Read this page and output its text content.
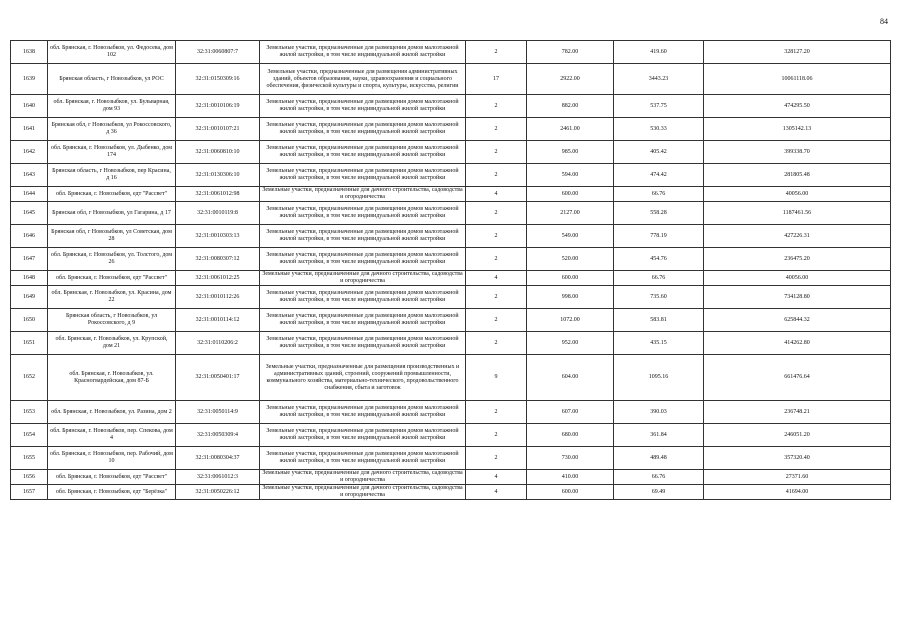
84
1638	обл. Брянская, г. Новозыбков, ул. Федосева, дом 102	32:31:0060807:7	Земельные участки, предназначенные для размещения домов малоэтажной жилой застройки, в том числе индивидуальной жилой застройки	2	782.00	419.60	328127.20
1639	Брянская область, г Новозыбков, ул РОС	32:31:0150309:16	Земельные участки, предназначенные для размещения административных зданий, объектов образования, науки, здравоохранения и социального обеспечения, физической культуры и спорта, культуры, искусства, религии	17	2922.00	3443.23	10061118.06
1640	обл. Брянская, г. Новозыбков, ул. Бульварная, дом 93	32:31:0010106:19	Земельные участки, предназначенные для размещения домов малоэтажной жилой застройки, в том числе индивидуальной жилой застройки	2	882.00	537.75	474295.50
1641	Брянская обл, г Новозыбков, ул Рокоссовского, д 36	32:31:0010107:21	Земельные участки, предназначенные для размещения домов малоэтажной жилой застройки, в том числе индивидуальной жилой застройки	2	2461.00	530.33	1305142.13
1642	обл. Брянская, г. Новозыбков, ул. Дыбенко, дом 174	32:31:0060810:10	Земельные участки, предназначенные для размещения домов малоэтажной жилой застройки, в том числе индивидуальной жилой застройки	2	985.00	405.42	399338.70
1643	Брянская область, г Новозыбков, пер Красина, д 16	32:31:0130306:10	Земельные участки, предназначенные для размещения домов малоэтажной жилой застройки, в том числе индивидуальной жилой застройки	2	594.00	474.42	281805.48
1644	обл. Брянская, г. Новозыбков, едт "Рассвет"	32:31:0061012:98	Земельные участки, предназначенные для дачного строительства, садоводства и огородничества	4	600.00	66.76	40056.00
1645	Брянская обл, г Новозыбков, ул Гагарина, д 17	32:31:0010119:8	Земельные участки, предназначенные для размещения домов малоэтажной жилой застройки, в том числе индивидуальной жилой застройки	2	2127.00	558.28	1187461.56
1646	Брянская обл, г Новозыбков, ул Советская, дом 28	32:31:0010303:13	Земельные участки, предназначенные для размещения домов малоэтажной жилой застройки, в том числе индивидуальной жилой застройки	2	549.00	778.19	427226.31
1647	обл. Брянская, г. Новозыбков, ул. Толстого, дом 26	32:31:0080307:12	Земельные участки, предназначенные для размещения домов малоэтажной жилой застройки, в том числе индивидуальной жилой застройки	2	520.00	454.76	236475.20
1648	обл. Брянская, г. Новозыбков, едт "Рассвет"	32:31:0061012:25	Земельные участки, предназначенные для дачного строительства, садоводства и огородничества	4	600.00	66.76	40056.00
1649	обл. Брянская, г. Новозыбков, ул. Красина, дом 22	32:31:0010112:26	Земельные участки, предназначенные для размещения домов малоэтажной жилой застройки, в том числе индивидуальной жилой застройки	2	998.00	735.60	734128.80
1650	Брянская область, г Новозыбков, ул Рокоссовского, д 9	32:31:0010114:12	Земельные участки, предназначенные для размещения домов малоэтажной жилой застройки, в том числе индивидуальной жилой застройки	2	1072.00	583.81	625844.32
1651	обл. Брянская, г. Новозыбков, ул. Крупской, дом 21	32:31:0110206:2	Земельные участки, предназначенные для размещения домов малоэтажной жилой застройки, в том числе индивидуальной жилой застройки	2	952.00	435.15	414262.80
1652	обл. Брянская, г. Новозыбков, ул. Красногвардейская, дом 87-Б	32:31:0050401:17	Земельные участки, предназначенные для размещения производственных и административных зданий, строений, сооружений промышленности, коммунального хозяйства, материально-технического, продовольственного снабжения, сбыта и заготовок	9	604.00	1095.16	661476.64
1653	обл. Брянская, г. Новозыбков, ул. Разина, дом 2	32:31:0050114:9	Земельные участки, предназначенные для размещения домов малоэтажной жилой застройки, в том числе индивидуальной жилой застройки	2	607.00	390.03	236748.21
1654	обл. Брянская, г. Новозыбков, пер. Спекова, дом 4	32:31:0050309:4	Земельные участки, предназначенные для размещения домов малоэтажной жилой застройки, в том числе индивидуальной жилой застройки	2	680.00	361.84	246051.20
1655	обл. Брянская, г. Новозыбков, пер. Рабочий, дом 10	32:31:0080304:37	Земельные участки, предназначенные для размещения домов малоэтажной жилой застройки, в том числе индивидуальной жилой застройки	2	730.00	489.48	357320.40
1656	обл. Брянская, г. Новозыбков, едт "Рассвет"	32:31:0061012:3	Земельные участки, предназначенные для дачного строительства, садоводства и огородничества	4	410.00	66.76	27371.60
1657	обл. Брянская, г. Новозыбков, едт "Берёзка"	32:31:0050226:12	Земельные участки, предназначенные для дачного строительства, садоводства и огородничества	4	600.00	69.49	41694.00
